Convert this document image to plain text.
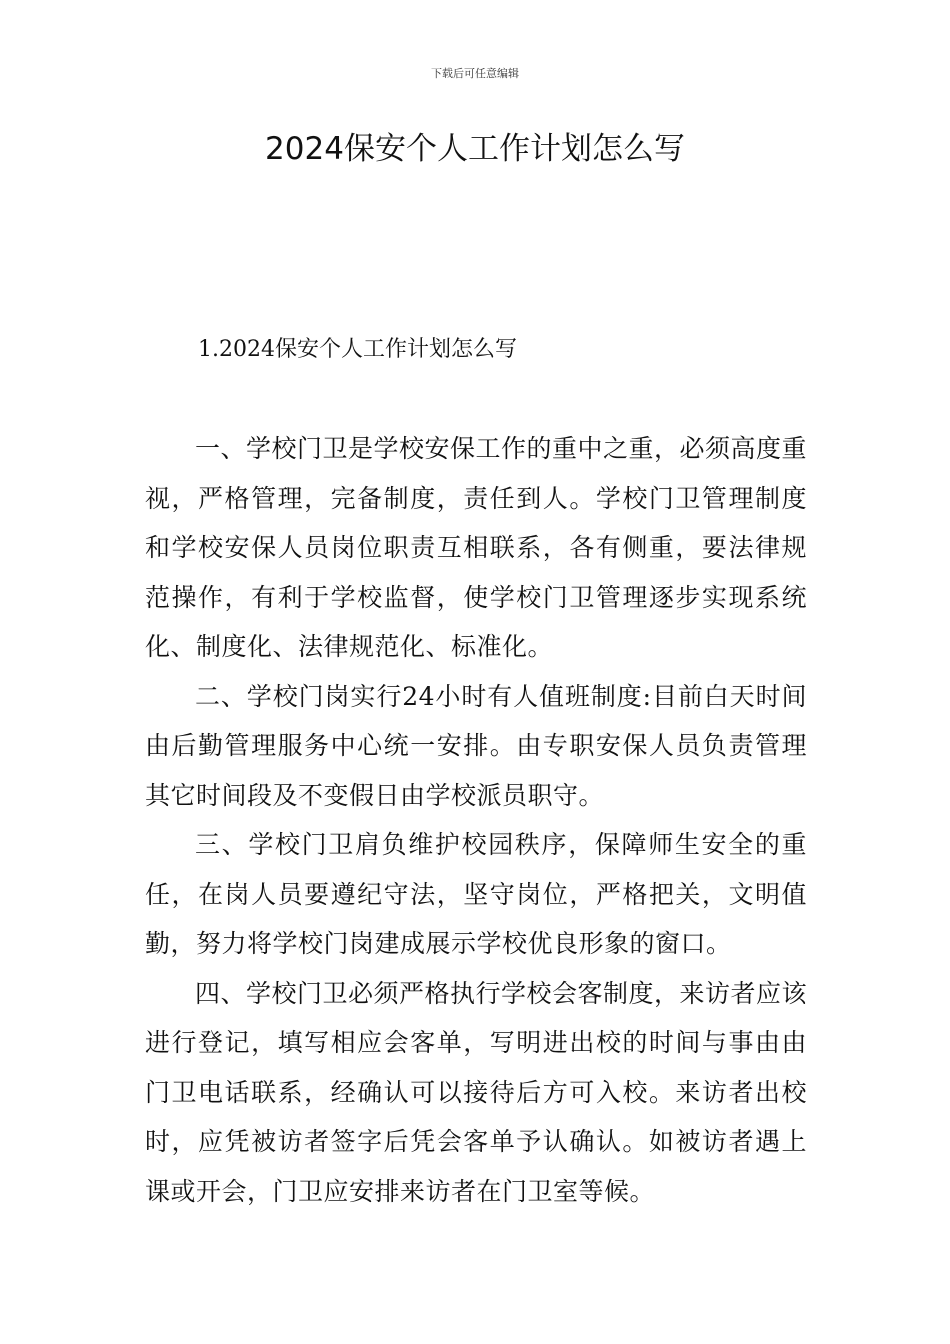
下载后可任意编辑
2024保安个人工作计划怎么写

1.2024保安个人工作计划怎么写

一、学校门卫是学校安保工作的重中之重，必须高度重视，严格管理，完备制度，责任到人。学校门卫管理制度和学校安保人员岗位职责互相联系，各有侧重，要法律规范操作，有利于学校监督，使学校门卫管理逐步实现系统化、制度化、法律规范化、标准化。

二、学校门岗实行24小时有人值班制度:目前白天时间由后勤管理服务中心统一安排。由专职安保人员负责管理其它时间段及不变假日由学校派员职守。

三、学校门卫肩负维护校园秩序，保障师生安全的重任，在岗人员要遵纪守法，坚守岗位，严格把关，文明值勤，努力将学校门岗建成展示学校优良形象的窗口。

四、学校门卫必须严格执行学校会客制度，来访者应该进行登记，填写相应会客单，写明进出校的时间与事由由门卫电话联系，经确认可以接待后方可入校。来访者出校时，应凭被访者签字后凭会客单予认确认。如被访者遇上课或开会，门卫应安排来访者在门卫室等候。
